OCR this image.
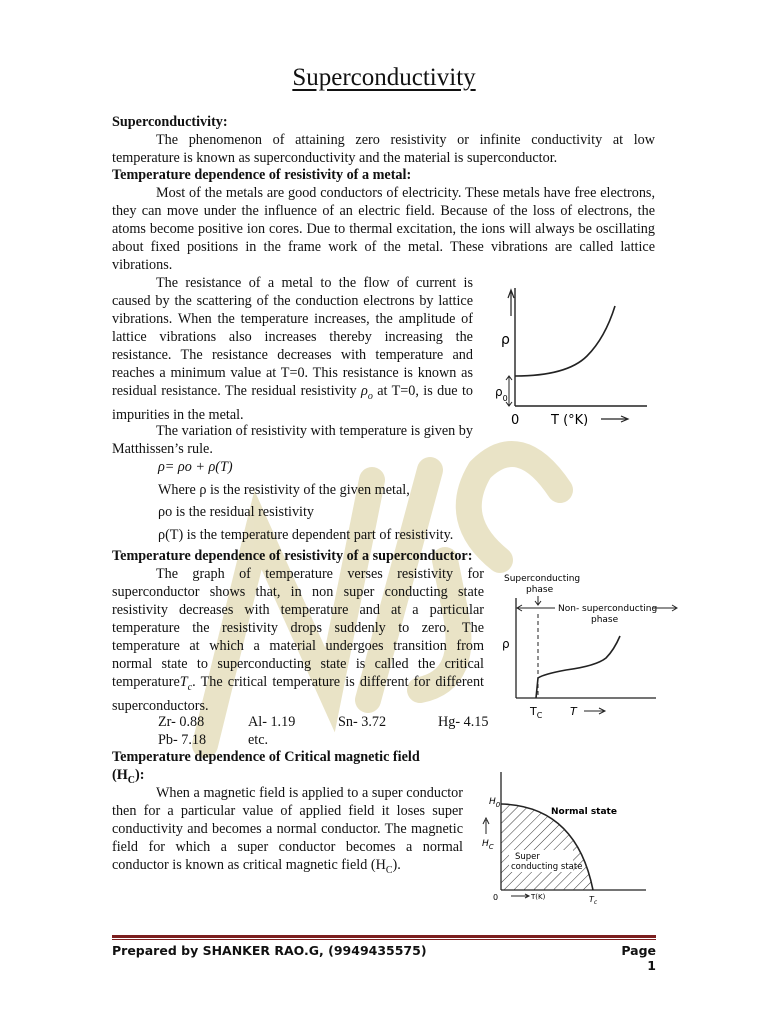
Superconductivity
Superconductivity:
The phenomenon of attaining zero resistivity or infinite conductivity at low temperature is known as superconductivity and the material is superconductor.
Temperature dependence of resistivity of a metal:
Most of the metals are good conductors of electricity. These metals have free electrons, they can move under the influence of an electric field. Because of the loss of electrons, the atoms become positive ion cores. Due to thermal excitation, the ions will always be oscillating about fixed positions in the frame work of the metal. These vibrations are called lattice vibrations.
The resistance of a metal to the flow of current is caused by the scattering of the conduction electrons by lattice vibrations. When the temperature increases, the amplitude of lattice vibrations also increases thereby increasing the resistance. The resistance decreases with temperature and reaches a minimum value at T=0. This resistance is known as residual resistance. The residual resistivity $\rho_o$ at T=0, is due to impurities in the metal.
The variation of resistivity with temperature is given by Matthissen’s rule.
ρ= ρo + ρ(T)
Where ρ is the resistivity of the given metal,
ρo is the residual resistivity
ρ(T) is the temperature dependent part of resistivity.
ρ
$\rho_0$
0 T (°K)
Temperature dependence of resistivity of a superconductor:
The graph of temperature verses resistivity for superconductor shows that, in non super conducting state resistivity decreases with temperature and at a particular temperature the resistivity drops suddenly to zero. The temperature at which a material undergoes transition from normal state to superconducting state is called the critical temperatureT$_c$. The critical temperature is different for different superconductors.
Zr- 0.88	Al- 1.19	Sn- 3.72	Hg- 4.15
Pb- 7.18	etc.
Superconducting
phase
Non- superconducting
phase
ρ
$T_C$	T
Temperature dependence of Critical magnetic field
$(H_C)$:
When a magnetic field is applied to a super conductor then for a particular value of applied field it loses super conductivity and becomes a normal conductor. The magnetic field for which a super conductor becomes a normal conductor is known as critical magnetic field $(H_C)$.
$H_0$
$H_C$
Normal state
Super
conducting state
0	T(K)	$T_c$
Prepared by SHANKER RAO.G, (9949435575)	Page 1
